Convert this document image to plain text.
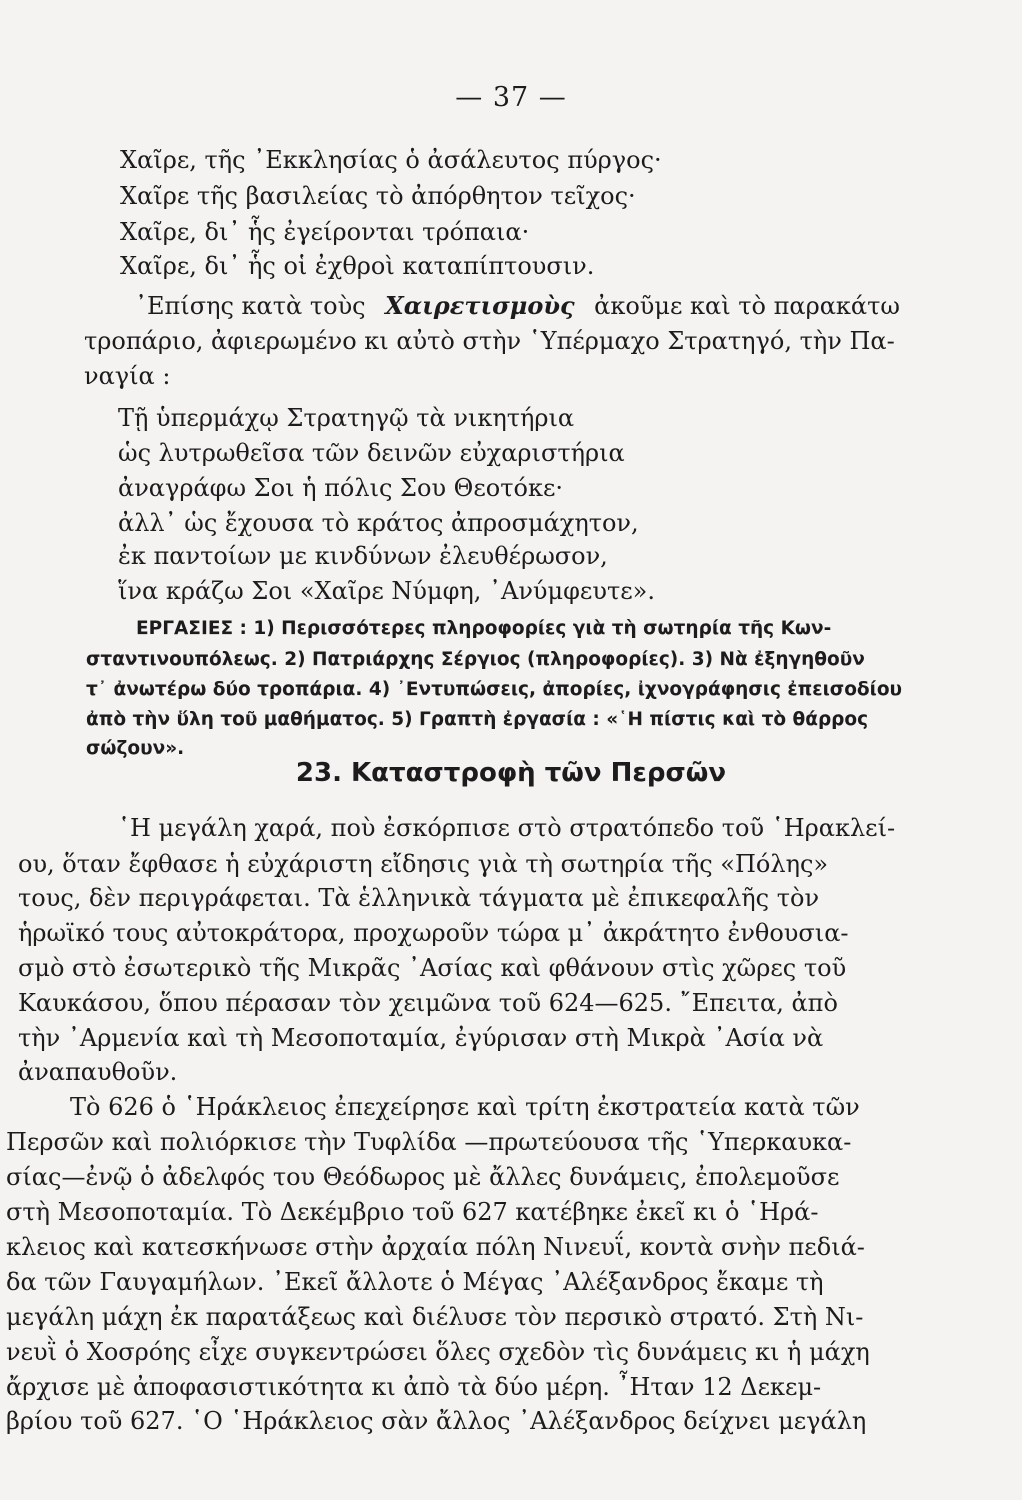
— 37 —
Χαῖρε, τῆς ᾿Εκκλησίας ὁ ἀσάλευτος πύργος·
Χαῖρε τῆς βασιλείας τὸ ἀπόρθητον τεῖχος·
Χαῖρε, δι᾿ ἧς ἐγείρονται τρόπαια·
Χαῖρε, δι᾿ ἧς οἱ ἐχθροὶ καταπίπτουσιν.
᾿Επίσης κατὰ τοὺς Χαιρετισμοὺς ἀκοῦμε καὶ τὸ παρακάτω
τροπάριο, ἀφιερωμένο κι αὐτὸ στὴν ῾Υπέρμαχο Στρατηγό, τὴν Πα-
ναγία :
Τῇ ὑπερμάχῳ Στρατηγῷ τὰ νικητήρια
ὡς λυτρωθεῖσα τῶν δεινῶν εὐχαριστήρια
ἀναγράφω Σοι ἡ πόλις Σου Θεοτόκε·
ἀλλ᾿ ὡς ἔχουσα τὸ κράτος ἀπροσμάχητον,
ἐκ παντοίων με κινδύνων ἐλευθέρωσον,
ἵνα κράζω Σοι «Χαῖρε Νύμφη, ᾿Ανύμφευτε».
ΕΡΓΑΣΙΕΣ : 1) Περισσότερες πληροφορίες γιὰ τὴ σωτηρία τῆς Κων-
σταντινουπόλεως. 2) Πατριάρχης Σέργιος (πληροφορίες). 3) Νὰ ἐξηγηθοῦν
τ᾿ ἀνωτέρω δύο τροπάρια. 4) ᾿Εντυπώσεις, ἀπορίες, ἰχνογράφησις ἐπεισοδίου
ἀπὸ τὴν ὕλη τοῦ μαθήματος. 5) Γραπτὴ ἐργασία : «῾Η πίστις καὶ τὸ θάρρος
σώζουν».
23. Καταστροφὴ τῶν Περσῶν
῾Η μεγάλη χαρά, ποὺ ἐσκόρπισε στὸ στρατόπεδο τοῦ ῾Ηρακλεί-
ου, ὅταν ἔφθασε ἡ εὐχάριστη εἴδησις γιὰ τὴ σωτηρία τῆς «Πόλης»
τους, δὲν περιγράφεται. Τὰ ἑλληνικὰ τάγματα μὲ ἐπικεφαλῆς τὸν
ἡρωϊκό τους αὐτοκράτορα, προχωροῦν τώρα μ᾿ ἀκράτητο ἐνθουσια-
σμὸ στὸ ἐσωτερικὸ τῆς Μικρᾶς ᾿Ασίας καὶ φθάνουν στὶς χῶρες τοῦ
Καυκάσου, ὅπου πέρασαν τὸν χειμῶνα τοῦ 624—625. ῎Επειτα, ἀπὸ
τὴν ᾿Αρμενία καὶ τὴ Μεσοποταμία, ἐγύρισαν στὴ Μικρὰ ᾿Ασία νὰ
ἀναπαυθοῦν.
Τὸ 626 ὁ ῾Ηράκλειος ἐπεχείρησε καὶ τρίτη ἐκστρατεία κατὰ τῶν
Περσῶν καὶ πολιόρκισε τὴν Τυφλίδα —πρωτεύουσα τῆς ῾Υπερκαυκα-
σίας—ἐνῷ ὁ ἀδελφός του Θεόδωρος μὲ ἄλλες δυνάμεις, ἐπολεμοῦσε
στὴ Μεσοποταμία. Τὸ Δεκέμβριο τοῦ 627 κατέβηκε ἐκεῖ κι ὁ ῾Ηρά-
κλειος καὶ κατεσκήνωσε στὴν ἀρχαία πόλη Νινευΐ, κοντὰ σνὴν πεδιά-
δα τῶν Γαυγαμήλων. ᾿Εκεῖ ἄλλοτε ὁ Μέγας ᾿Αλέξανδρος ἔκαμε τὴ
μεγάλη μάχη ἐκ παρατάξεως καὶ διέλυσε τὸν περσικὸ στρατό. Στὴ Νι-
νευῒ ὁ Χοσρόης εἶχε συγκεντρώσει ὅλες σχεδὸν τὶς δυνάμεις κι ἡ μάχη
ἄρχισε μὲ ἀποφασιστικότητα κι ἀπὸ τὰ δύο μέρη. ῏Ηταν 12 Δεκεμ-
βρίου τοῦ 627. ῾Ο ῾Ηράκλειος σὰν ἄλλος ᾿Αλέξανδρος δείχνει μεγάλη
